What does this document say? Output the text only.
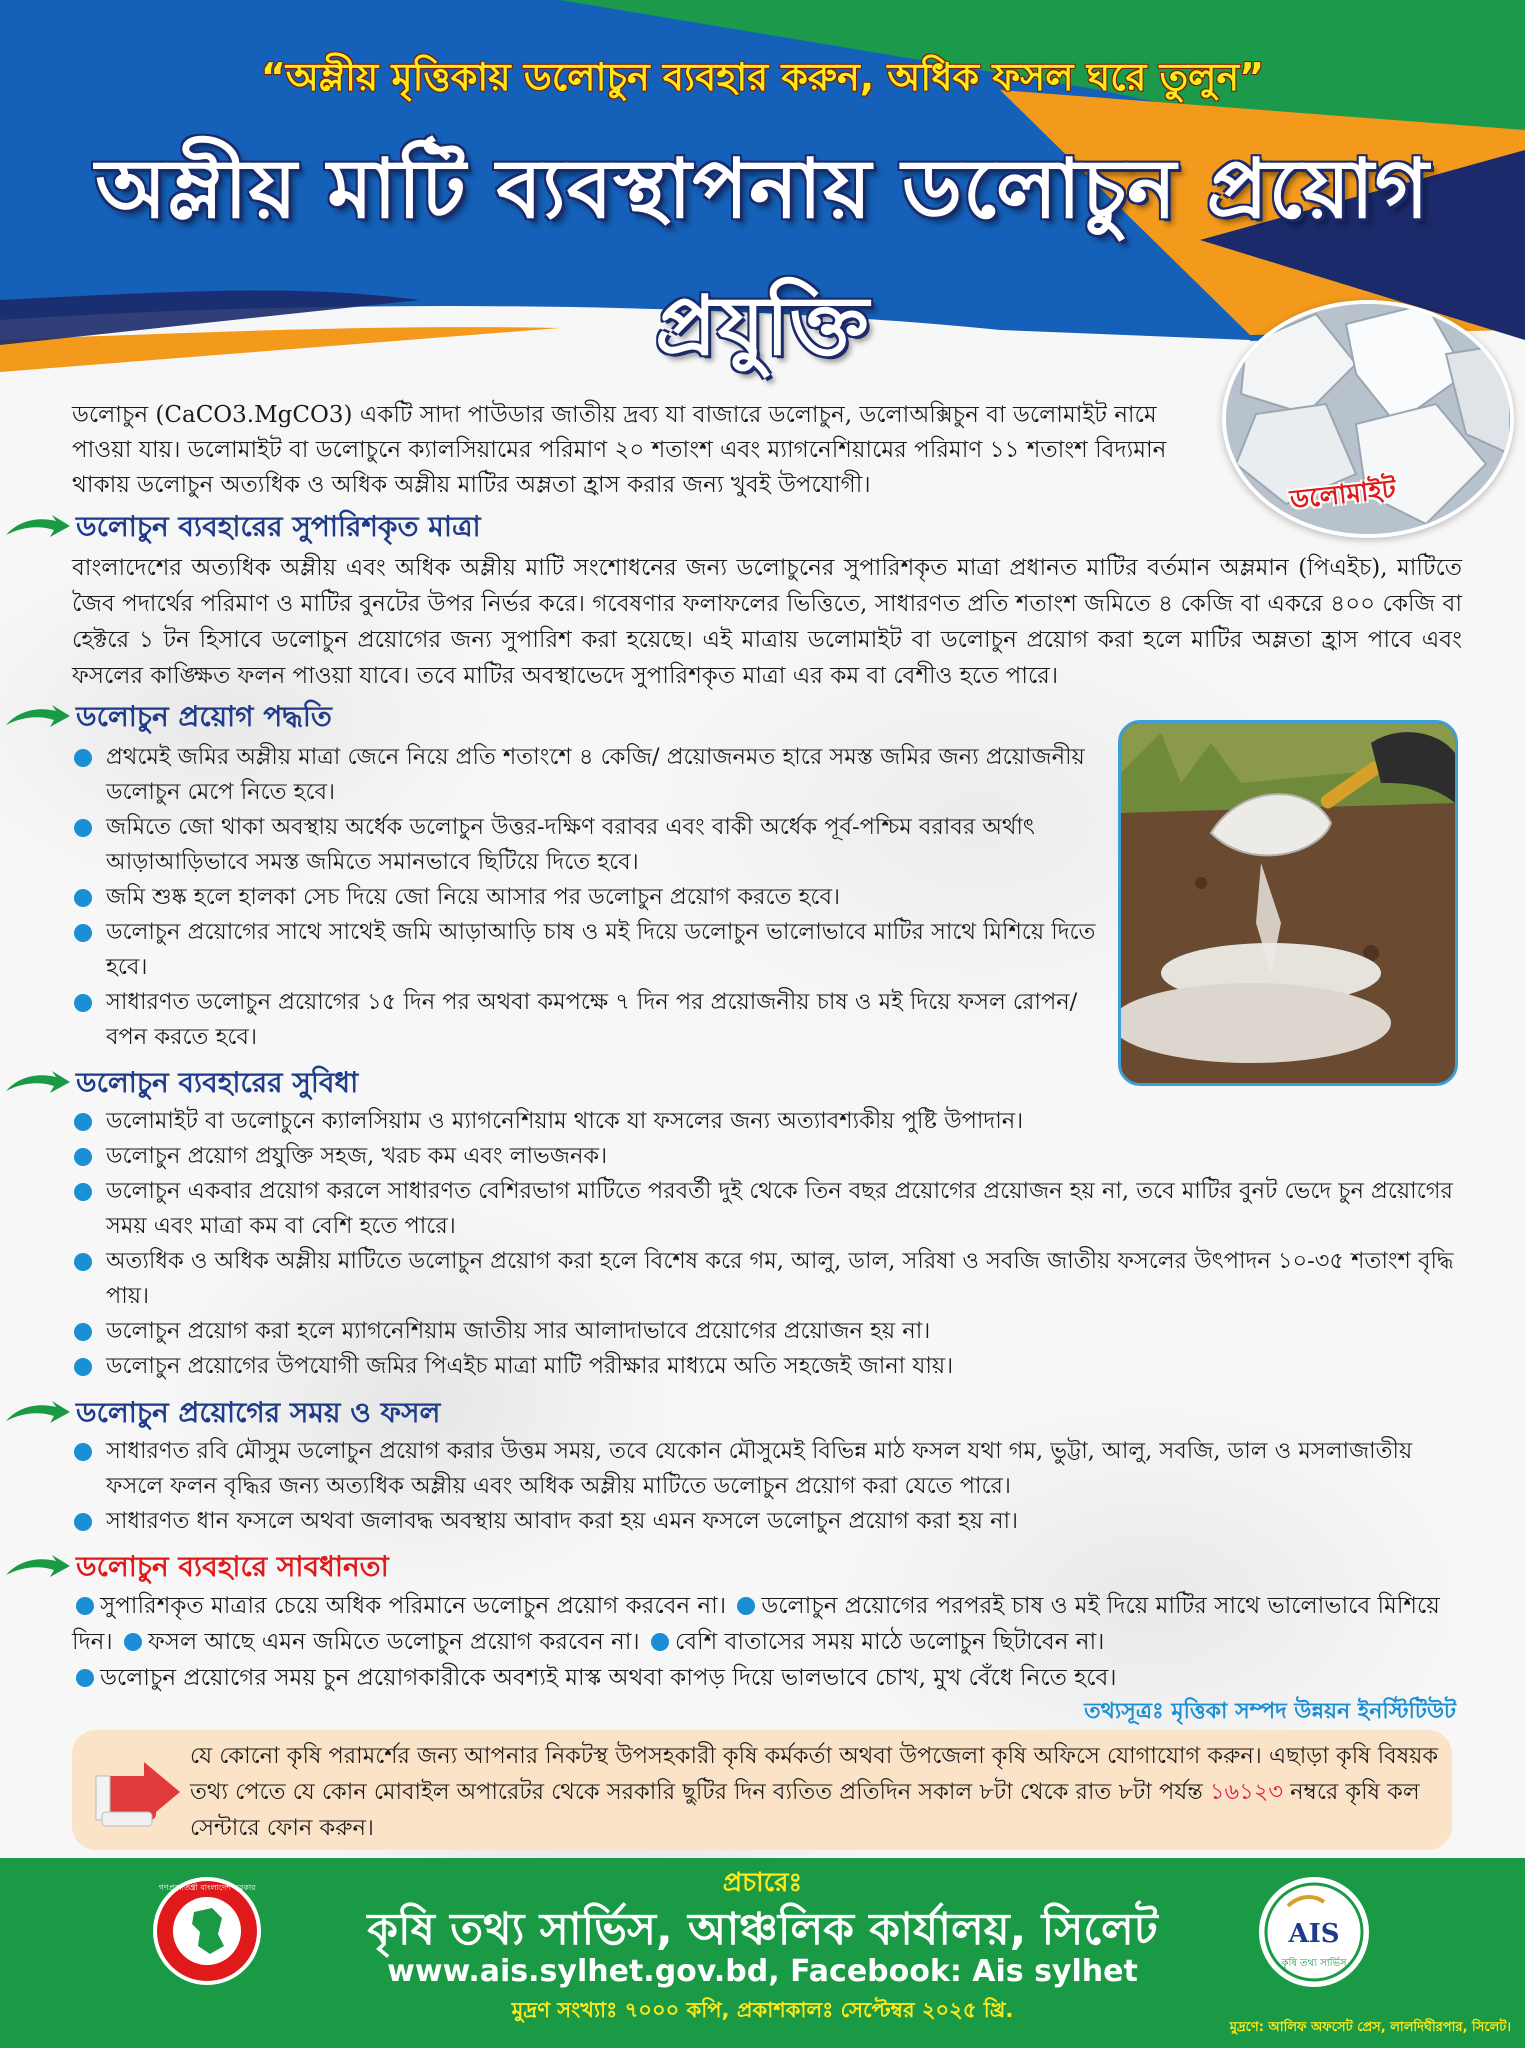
“অম্লীয় মৃত্তিকায় ডলোচুন ব্যবহার করুন, অধিক ফসল ঘরে তুলুন”
অম্লীয় মাটি ব্যবস্থাপনায় ডলোচুন প্রয়োগ প্রযুক্তি
ডলোমাইট
ডলোচুন (CaCO3.MgCO3) একটি সাদা পাউডার জাতীয় দ্রব্য যা বাজারে ডলোচুন, ডলোঅক্সিচুন বা ডলোমাইট নামে পাওয়া যায়। ডলোমাইট বা ডলোচুনে ক্যালসিয়ামের পরিমাণ ২০ শতাংশ এবং ম্যাগনেশিয়ামের পরিমাণ ১১ শতাংশ বিদ্যমান থাকায় ডলোচুন অত্যধিক ও অধিক অম্লীয় মাটির অম্লতা হ্রাস করার জন্য খুবই উপযোগী।
ডলোচুন ব্যবহারের সুপারিশকৃত মাত্রা
বাংলাদেশের অত্যধিক অম্লীয় এবং অধিক অম্লীয় মাটি সংশোধনের জন্য ডলোচুনের সুপারিশকৃত মাত্রা প্রধানত মাটির বর্তমান অম্লমান (পিএইচ), মাটিতে জৈব পদার্থের পরিমাণ ও মাটির বুনটের উপর নির্ভর করে। গবেষণার ফলাফলের ভিত্তিতে, সাধারণত প্রতি শতাংশ জমিতে ৪ কেজি বা একরে ৪০০ কেজি বা হেক্টরে ১ টন হিসাবে ডলোচুন প্রয়োগের জন্য সুপারিশ করা হয়েছে। এই মাত্রায় ডলোমাইট বা ডলোচুন প্রয়োগ করা হলে মাটির অম্লতা হ্রাস পাবে এবং ফসলের কাঙ্ক্ষিত ফলন পাওয়া যাবে। তবে মাটির অবস্থাভেদে সুপারিশকৃত মাত্রা এর কম বা বেশীও হতে পারে।
ডলোচুন প্রয়োগ পদ্ধতি
প্রথমেই জমির অম্লীয় মাত্রা জেনে নিয়ে প্রতি শতাংশে ৪ কেজি/ প্রয়োজনমত হারে সমস্ত জমির জন্য প্রয়োজনীয় ডলোচুন মেপে নিতে হবে।
জমিতে জো থাকা অবস্থায় অর্ধেক ডলোচুন উত্তর-দক্ষিণ বরাবর এবং বাকী অর্ধেক পূর্ব-পশ্চিম বরাবর অর্থাৎ আড়াআড়িভাবে সমস্ত জমিতে সমানভাবে ছিটিয়ে দিতে হবে।
জমি শুষ্ক হলে হালকা সেচ দিয়ে জো নিয়ে আসার পর ডলোচুন প্রয়োগ করতে হবে।
ডলোচুন প্রয়োগের সাথে সাথেই জমি আড়াআড়ি চাষ ও মই দিয়ে ডলোচুন ভালোভাবে মাটির সাথে মিশিয়ে দিতে হবে।
সাধারণত ডলোচুন প্রয়োগের ১৫ দিন পর অথবা কমপক্ষে ৭ দিন পর প্রয়োজনীয় চাষ ও মই দিয়ে ফসল রোপন/ বপন করতে হবে।
ডলোচুন ব্যবহারের সুবিধা
ডলোমাইট বা ডলোচুনে ক্যালসিয়াম ও ম্যাগনেশিয়াম থাকে যা ফসলের জন্য অত্যাবশ্যকীয় পুষ্টি উপাদান।
ডলোচুন প্রয়োগ প্রযুক্তি সহজ, খরচ কম এবং লাভজনক।
ডলোচুন একবার প্রয়োগ করলে সাধারণত বেশিরভাগ মাটিতে পরবর্তী দুই থেকে তিন বছর প্রয়োগের প্রয়োজন হয় না, তবে মাটির বুনট ভেদে চুন প্রয়োগের সময় এবং মাত্রা কম বা বেশি হতে পারে।
অত্যধিক ও অধিক অম্লীয় মাটিতে ডলোচুন প্রয়োগ করা হলে বিশেষ করে গম, আলু, ডাল, সরিষা ও সবজি জাতীয় ফসলের উৎপাদন ১০-৩৫ শতাংশ বৃদ্ধি পায়।
ডলোচুন প্রয়োগ করা হলে ম্যাগনেশিয়াম জাতীয় সার আলাদাভাবে প্রয়োগের প্রয়োজন হয় না।
ডলোচুন প্রয়োগের উপযোগী জমির পিএইচ মাত্রা মাটি পরীক্ষার মাধ্যমে অতি সহজেই জানা যায়।
ডলোচুন প্রয়োগের সময় ও ফসল
সাধারণত রবি মৌসুম ডলোচুন প্রয়োগ করার উত্তম সময়, তবে যেকোন মৌসুমেই বিভিন্ন মাঠ ফসল যথা গম, ভুট্টা, আলু, সবজি, ডাল ও মসলাজাতীয় ফসলে ফলন বৃদ্ধির জন্য অত্যধিক অম্লীয় এবং অধিক অম্লীয় মাটিতে ডলোচুন প্রয়োগ করা যেতে পারে।
সাধারণত ধান ফসলে অথবা জলাবদ্ধ অবস্থায় আবাদ করা হয় এমন ফসলে ডলোচুন প্রয়োগ করা হয় না।
ডলোচুন ব্যবহারে সাবধানতা
সুপারিশকৃত মাত্রার চেয়ে অধিক পরিমানে ডলোচুন প্রয়োগ করবেন না। ডলোচুন প্রয়োগের পরপরই চাষ ও মই দিয়ে মাটির সাথে ভালোভাবে মিশিয়ে দিন। ফসল আছে এমন জমিতে ডলোচুন প্রয়োগ করবেন না। বেশি বাতাসের সময় মাঠে ডলোচুন ছিটাবেন না।
ডলোচুন প্রয়োগের সময় চুন প্রয়োগকারীকে অবশ্যই মাস্ক অথবা কাপড় দিয়ে ভালভাবে চোখ, মুখ বেঁধে নিতে হবে।
তথ্যসূত্রঃ মৃত্তিকা সম্পদ উন্নয়ন ইনস্টিটিউট
যে কোনো কৃষি পরামর্শের জন্য আপনার নিকটস্থ উপসহকারী কৃষি কর্মকর্তা অথবা উপজেলা কৃষি অফিসে যোগাযোগ করুন। এছাড়া কৃষি বিষয়ক তথ্য পেতে যে কোন মোবাইল অপারেটর থেকে সরকারি ছুটির দিন ব্যতিত প্রতিদিন সকাল ৮টা থেকে রাত ৮টা পর্যন্ত ১৬১২৩ নম্বরে কৃষি কল সেন্টারে ফোন করুন।
গণপ্রজাতন্ত্রী বাংলাদেশ সরকার
AIS
কৃষি তথ্য সার্ভিস
প্রচারেঃ
কৃষি তথ্য সার্ভিস, আঞ্চলিক কার্যালয়, সিলেট
www.ais.sylhet.gov.bd, Facebook: Ais sylhet
মুদ্রণ সংখ্যাঃ ৭০০০ কপি, প্রকাশকালঃ সেপ্টেম্বর ২০২৫ খ্রি.
মুদ্রণে: আলিফ অফসেট প্রেস, লালদিঘীরপার, সিলেট।
